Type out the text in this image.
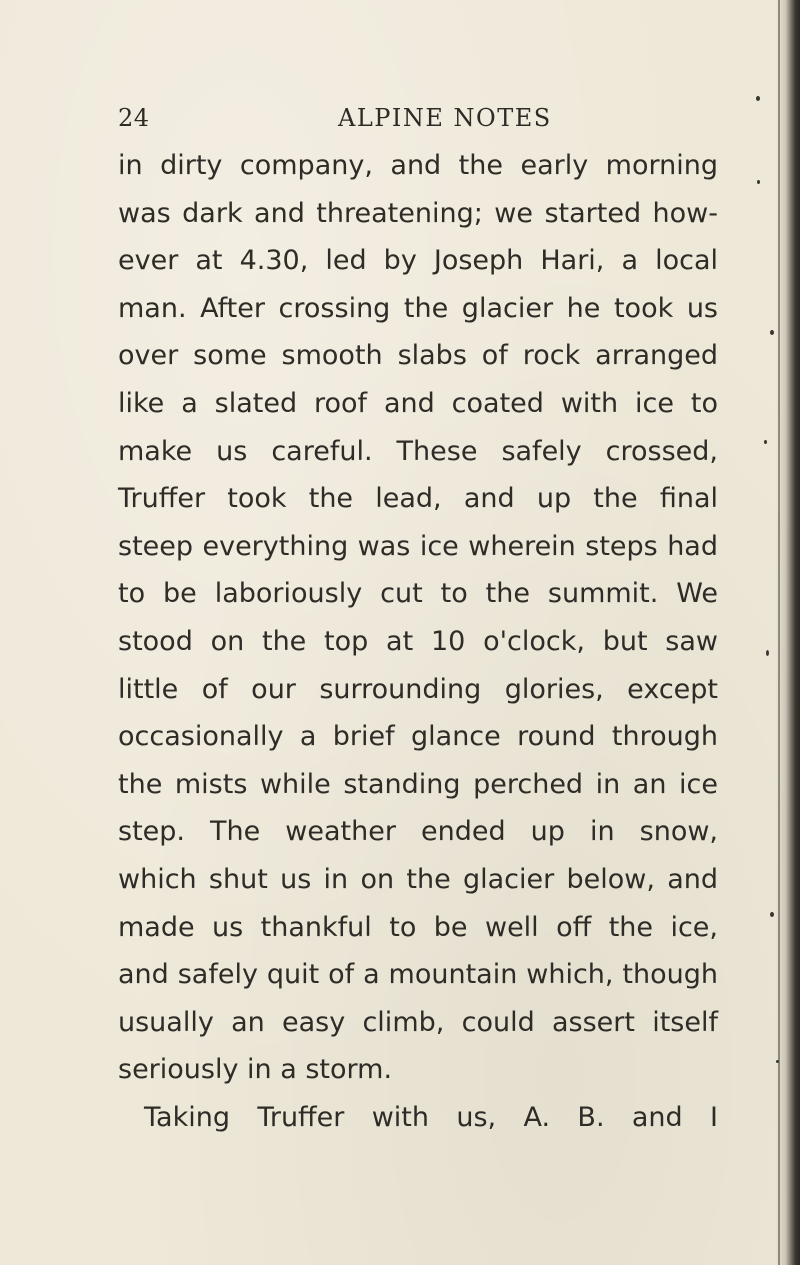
24	ALPINE NOTES
in dirty company, and the early morning
was dark and threatening; we started how-
ever at 4.30, led by Joseph Hari, a local
man. After crossing the glacier he took us
over some smooth slabs of rock arranged
like a slated roof and coated with ice to
make us careful. These safely crossed,
Truffer took the lead, and up the final
steep everything was ice wherein steps had
to be laboriously cut to the summit. We
stood on the top at 10 o'clock, but saw
little of our surrounding glories, except
occasionally a brief glance round through
the mists while standing perched in an ice
step. The weather ended up in snow,
which shut us in on the glacier below, and
made us thankful to be well off the ice,
and safely quit of a mountain which, though
usually an easy climb, could assert itself
seriously in a storm.
Taking Truffer with us, A. B. and I
